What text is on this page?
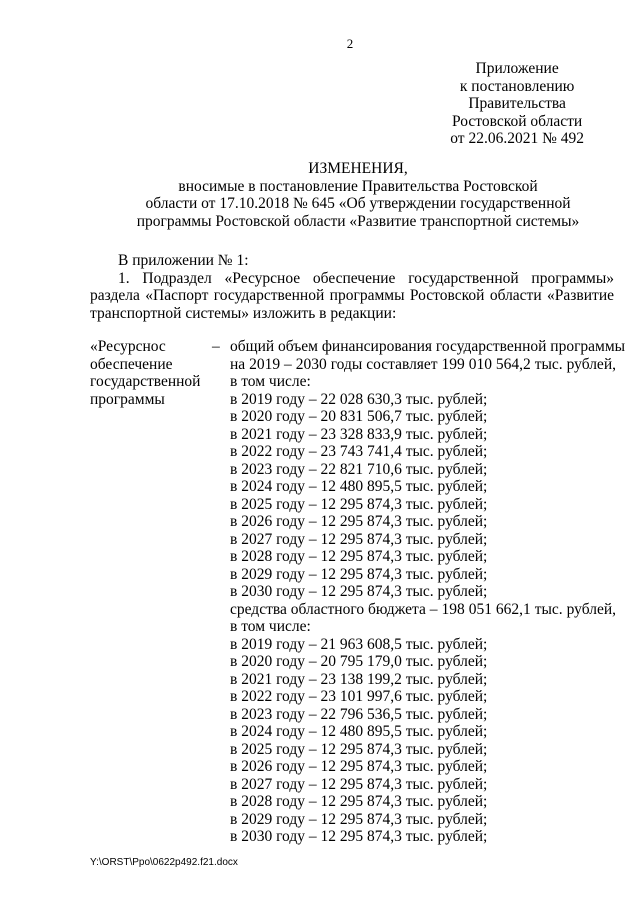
2
Приложение
к постановлению
Правительства
Ростовской области
от 22.06.2021 № 492
ИЗМЕНЕНИЯ,
вносимые в постановление Правительства Ростовской
области от 17.10.2018 № 645 «Об утверждении государственной
программы Ростовской области «Развитие транспортной системы»
В приложении № 1:
1. Подраздел «Ресурсное обеспечение государственной программы»
раздела «Паспорт государственной программы Ростовской области «Развитие
транспортной системы» изложить в редакции:
«Ресурснос
обеспечение
государственной
программы
– общий объем финансирования государственной программы
на 2019 – 2030 годы составляет 199 010 564,2 тыс. рублей,
в том числе:
в 2019 году – 22 028 630,3 тыс. рублей;
в 2020 году – 20 831 506,7 тыс. рублей;
в 2021 году – 23 328 833,9 тыс. рублей;
в 2022 году – 23 743 741,4 тыс. рублей;
в 2023 году – 22 821 710,6 тыс. рублей;
в 2024 году – 12 480 895,5 тыс. рублей;
в 2025 году – 12 295 874,3 тыс. рублей;
в 2026 году – 12 295 874,3 тыс. рублей;
в 2027 году – 12 295 874,3 тыс. рублей;
в 2028 году – 12 295 874,3 тыс. рублей;
в 2029 году – 12 295 874,3 тыс. рублей;
в 2030 году – 12 295 874,3 тыс. рублей;
средства областного бюджета – 198 051 662,1 тыс. рублей,
в том числе:
в 2019 году – 21 963 608,5 тыс. рублей;
в 2020 году – 20 795 179,0 тыс. рублей;
в 2021 году – 23 138 199,2 тыс. рублей;
в 2022 году – 23 101 997,6 тыс. рублей;
в 2023 году – 22 796 536,5 тыс. рублей;
в 2024 году – 12 480 895,5 тыс. рублей;
в 2025 году – 12 295 874,3 тыс. рублей;
в 2026 году – 12 295 874,3 тыс. рублей;
в 2027 году – 12 295 874,3 тыс. рублей;
в 2028 году – 12 295 874,3 тыс. рублей;
в 2029 году – 12 295 874,3 тыс. рублей;
в 2030 году – 12 295 874,3 тыс. рублей;
Y:\ORST\Ppo\0622p492.f21.docx
